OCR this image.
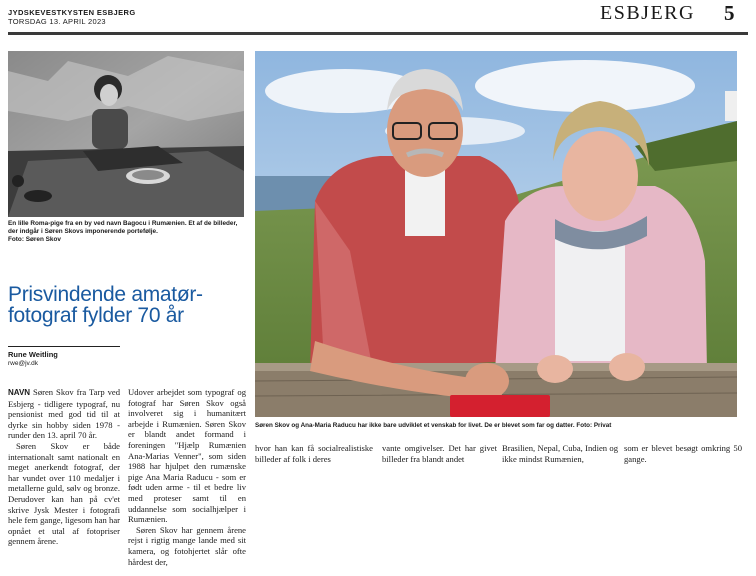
JYDSKEVESTKYSTEN ESBJERG
TORSDAG 13. APRIL 2023	ESBJERG 5
En lille Roma-pige fra en by ved navn Bagocu i Rumænien. Et af de billeder, der indgår i Søren Skovs imponerende portefølje.
Foto: Søren Skov
Prisvindende amatør-fotograf fylder 70 år
Rune Weitling
rwe@jv.dk

NAVN Søren Skov fra Tarp ved Esbjerg - tidligere typograf, nu pensionist med god tid til at dyrke sin hobby siden 1978 - runder den 13. april 70 år.

Søren Skov er både internationalt samt nationalt en meget anerkendt fotograf, der har vundet over 110 medaljer i metallerne guld, sølv og bronze. Derudover kan han på cv'et skrive Jysk Mester i fotografi hele fem gange, ligesom han har opnået et utal af fotopriser gennem årene.

Udover arbejdet som typograf og fotograf har Søren Skov også involveret sig i humanitært arbejde i Rumænien. Søren Skov er blandt andet formand i foreningen "Hjælp Rumænien Ana-Marias Venner", som siden 1988 har hjulpet den rumænske pige Ana Maria Raducu - som er født uden arme - til et bedre liv med proteser samt til en uddannelse som socialhjælper i Rumænien.

Søren Skov har gennem årene rejst i rigtig mange lande med sit kamera, og fotohjertet slår ofte hårdest der,

hvor han kan få socialrealistiske billeder af folk i deres

vante omgivelser. Det har givet billeder fra blandt andet

Brasilien, Nepal, Cuba, Indien og ikke mindst Rumænien,

som er blevet besøgt omkring 50 gange.

Søren Skov og Ana-Maria Raducu har ikke bare udviklet et venskab for livet. De er blevet som far og datter. Foto: Privat
